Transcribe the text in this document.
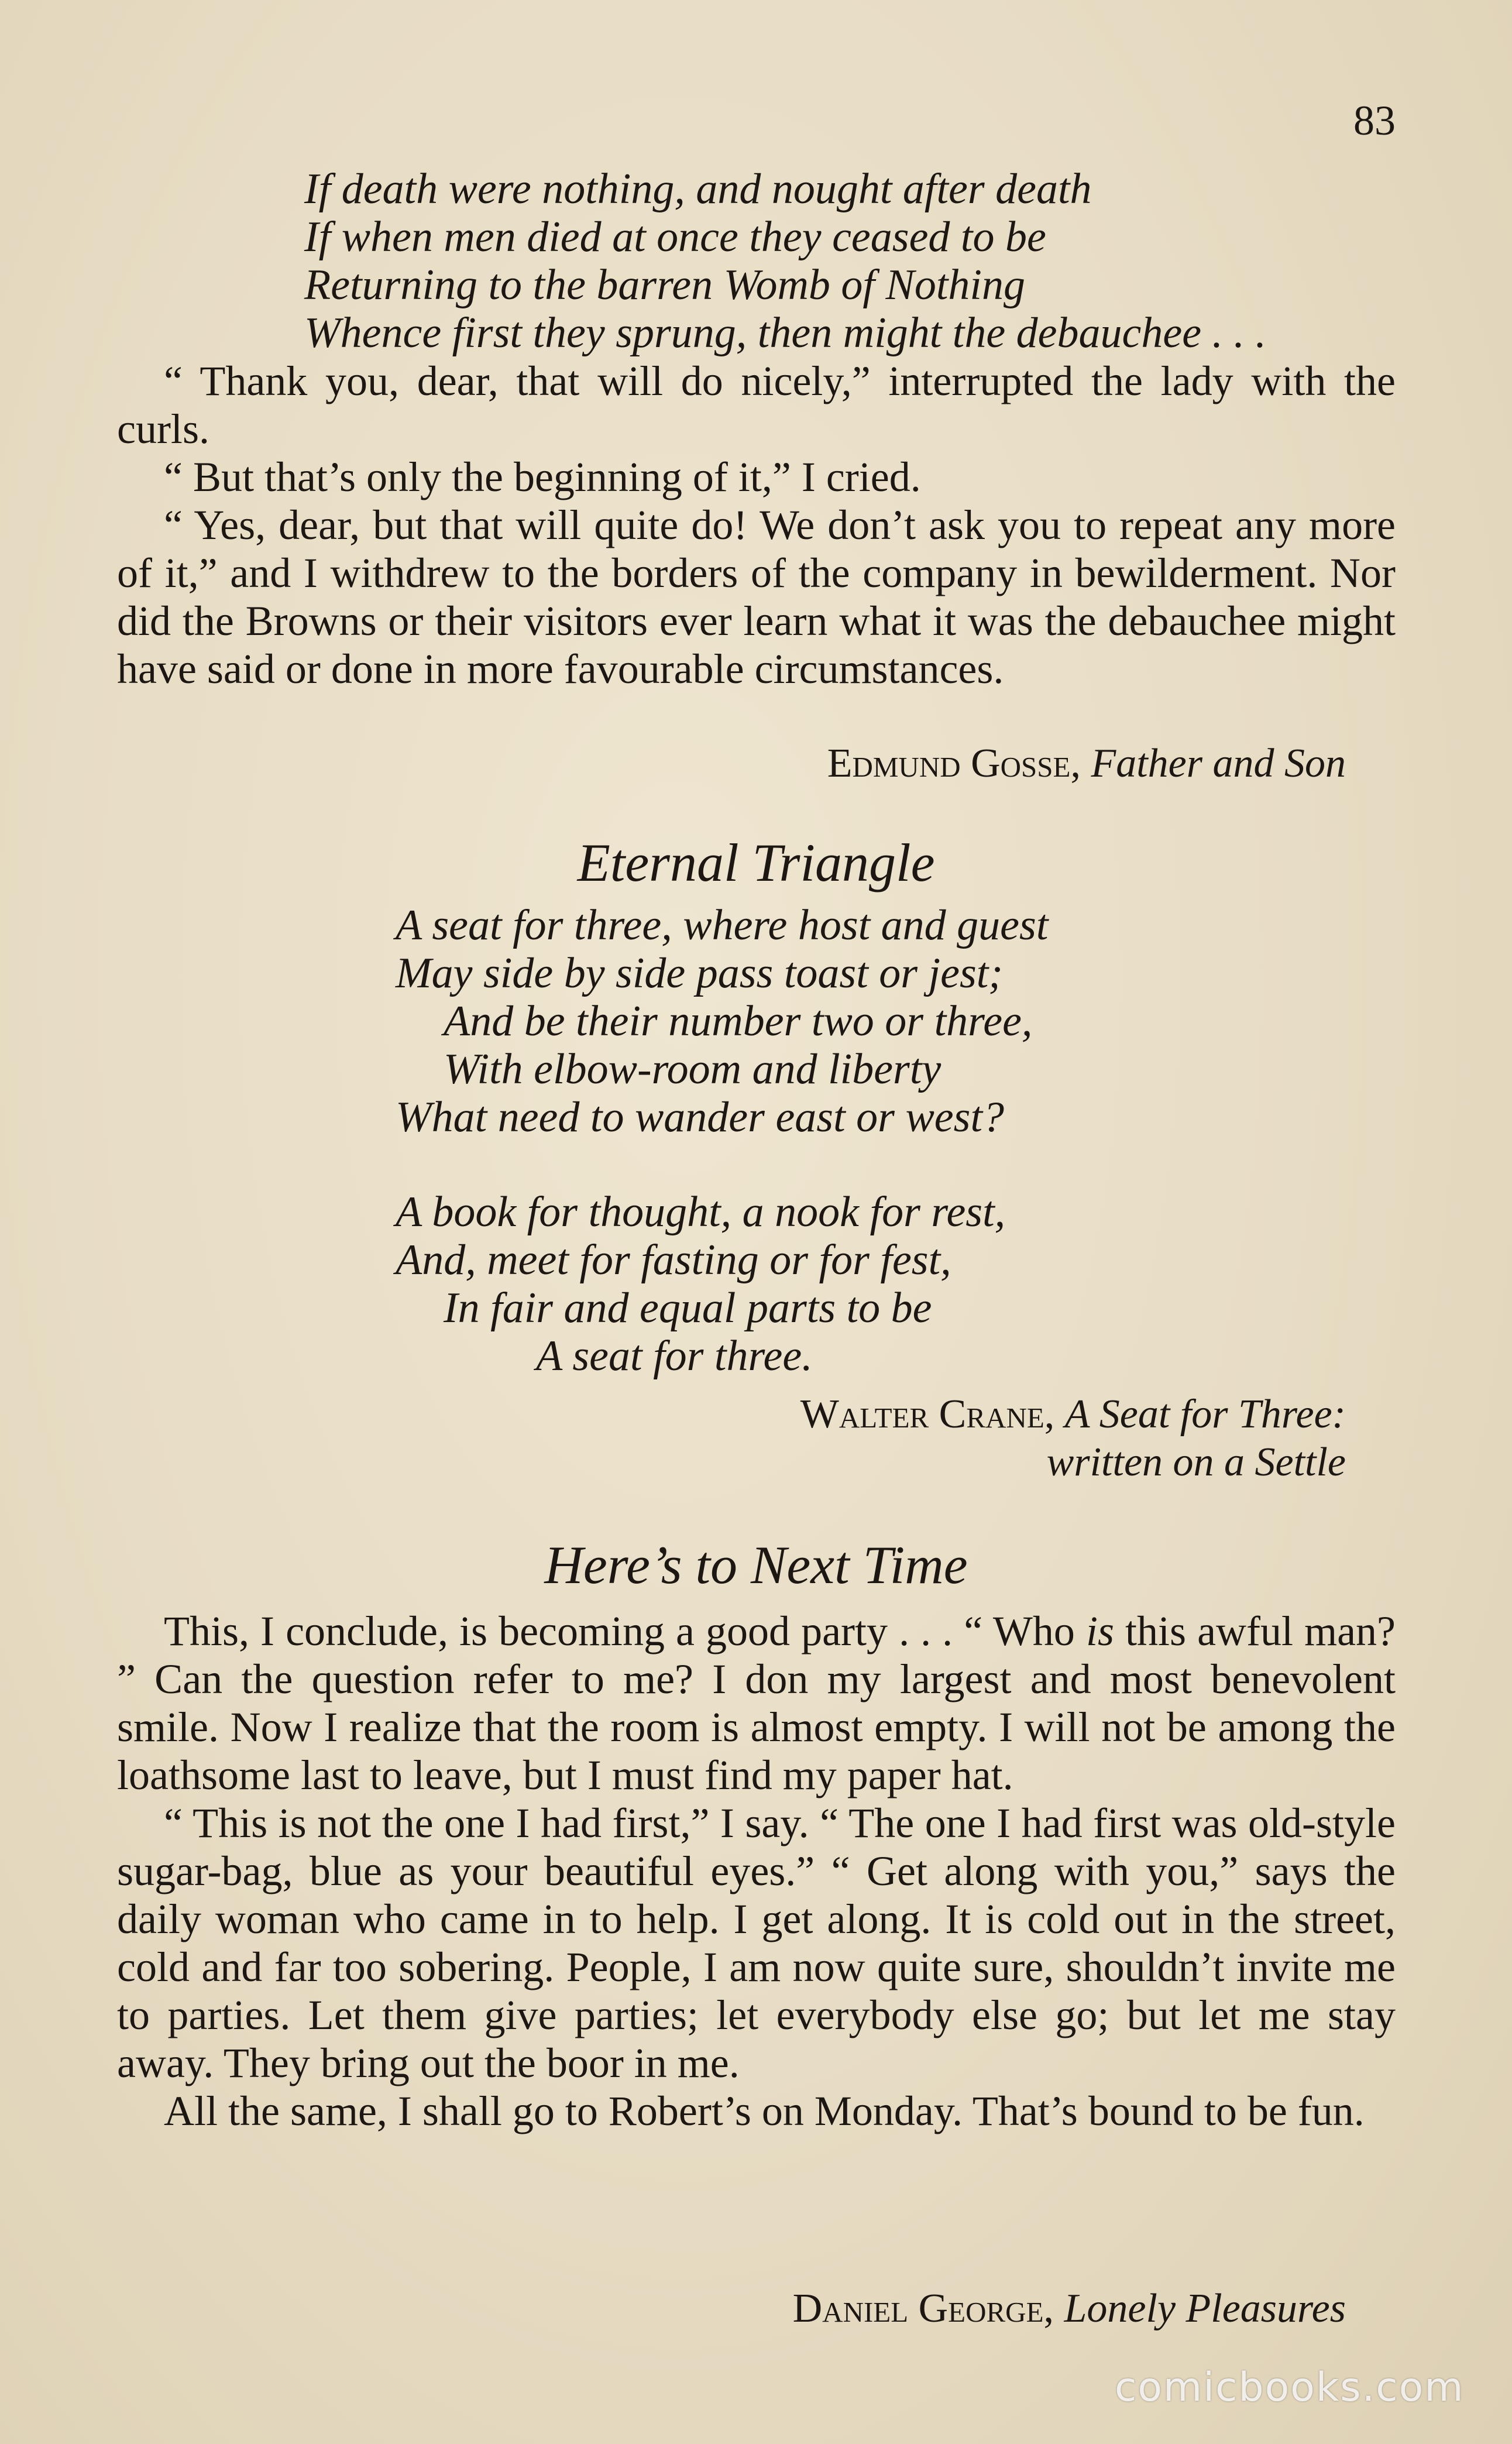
83
If death were nothing, and nought after death
If when men died at once they ceased to be
Returning to the barren Womb of Nothing
Whence first they sprung, then might the debauchee . . .

“ Thank you, dear, that will do nicely,” interrupted the lady with the curls.

“ But that’s only the beginning of it,” I cried.

“ Yes, dear, but that will quite do! We don’t ask you to repeat any more of it,” and I withdrew to the borders of the company in bewilderment. Nor did the Browns or their visitors ever learn what it was the debauchee might have said or done in more favourable circumstances.

Edmund Gosse, Father and Son
Eternal Triangle
A seat for three, where host and guest
May side by side pass toast or jest;
And be their number two or three,
With elbow-room and liberty
What need to wander east or west?
A book for thought, a nook for rest,
And, meet for fasting or for fest,
In fair and equal parts to be
A seat for three.
Walter Crane, A Seat for Three:
written on a Settle
Here’s to Next Time

This, I conclude, is becoming a good party . . . “ Who is this awful man? ” Can the question refer to me? I don my largest and most benevolent smile. Now I realize that the room is almost empty. I will not be among the loathsome last to leave, but I must find my paper hat.

“ This is not the one I had first,” I say. “ The one I had first was old-style sugar-bag, blue as your beautiful eyes.” “ Get along with you,” says the daily woman who came in to help. I get along. It is cold out in the street, cold and far too sobering. People, I am now quite sure, shouldn’t invite me to parties. Let them give parties; let everybody else go; but let me stay away. They bring out the boor in me.

All the same, I shall go to Robert’s on Monday. That’s bound to be fun.

Daniel George, Lonely Pleasures
comicbooks.com
